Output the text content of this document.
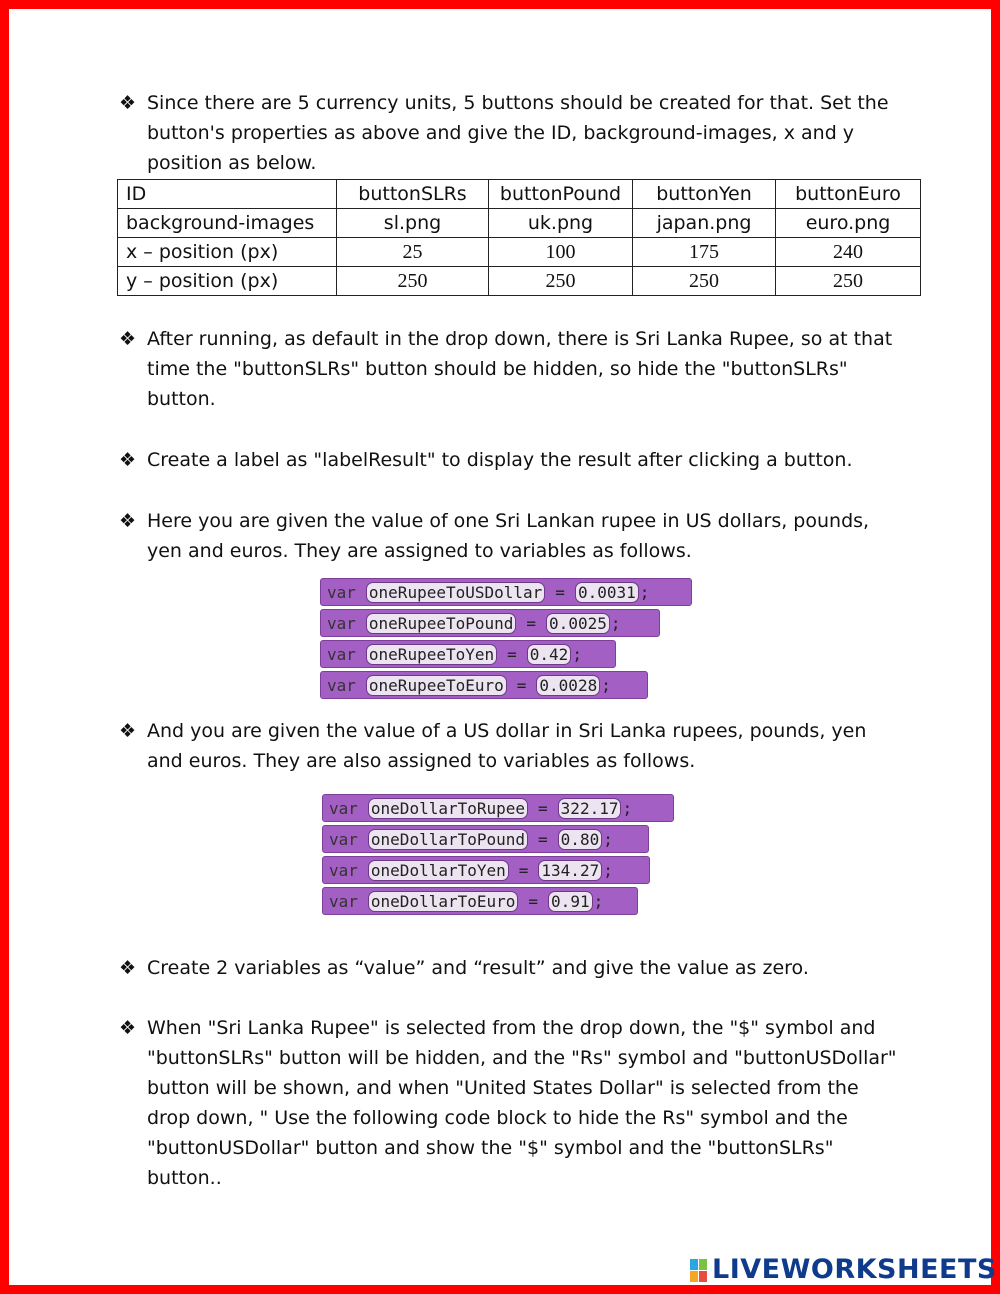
❖ Since there are 5 currency units, 5 buttons should be created for that. Set the button's properties as above and give the ID, background-images, x and y position as below.
ID	buttonSLRs	buttonPound	buttonYen	buttonEuro
background-images	sl.png	uk.png	japan.png	euro.png
x – position (px)	25	100	175	240
y – position (px)	250	250	250	250
❖ After running, as default in the drop down, there is Sri Lanka Rupee, so at that time the "buttonSLRs" button should be hidden, so hide the "buttonSLRs" button.
❖ Create a label as "labelResult" to display the result after clicking a button.
❖ Here you are given the value of one Sri Lankan rupee in US dollars, pounds, yen and euros. They are assigned to variables as follows.
var oneRupeeToUSDollar = 0.0031 ;
var oneRupeeToPound = 0.0025 ;
var oneRupeeToYen = 0.42 ;
var oneRupeeToEuro = 0.0028 ;
❖ And you are given the value of a US dollar in Sri Lanka rupees, pounds, yen and euros. They are also assigned to variables as follows.
var oneDollarToRupee = 322.17 ;
var oneDollarToPound = 0.80 ;
var oneDollarToYen = 134.27 ;
var oneDollarToEuro = 0.91 ;
❖ Create 2 variables as “value” and “result” and give the value as zero.
❖ When "Sri Lanka Rupee" is selected from the drop down, the "$" symbol and "buttonSLRs" button will be hidden, and the "Rs" symbol and "buttonUSDollar" button will be shown, and when "United States Dollar" is selected from the drop down, " Use the following code block to hide the Rs" symbol and the "buttonUSDollar" button and show the "$" symbol and the "buttonSLRs" button..
LIVEWORKSHEETS
